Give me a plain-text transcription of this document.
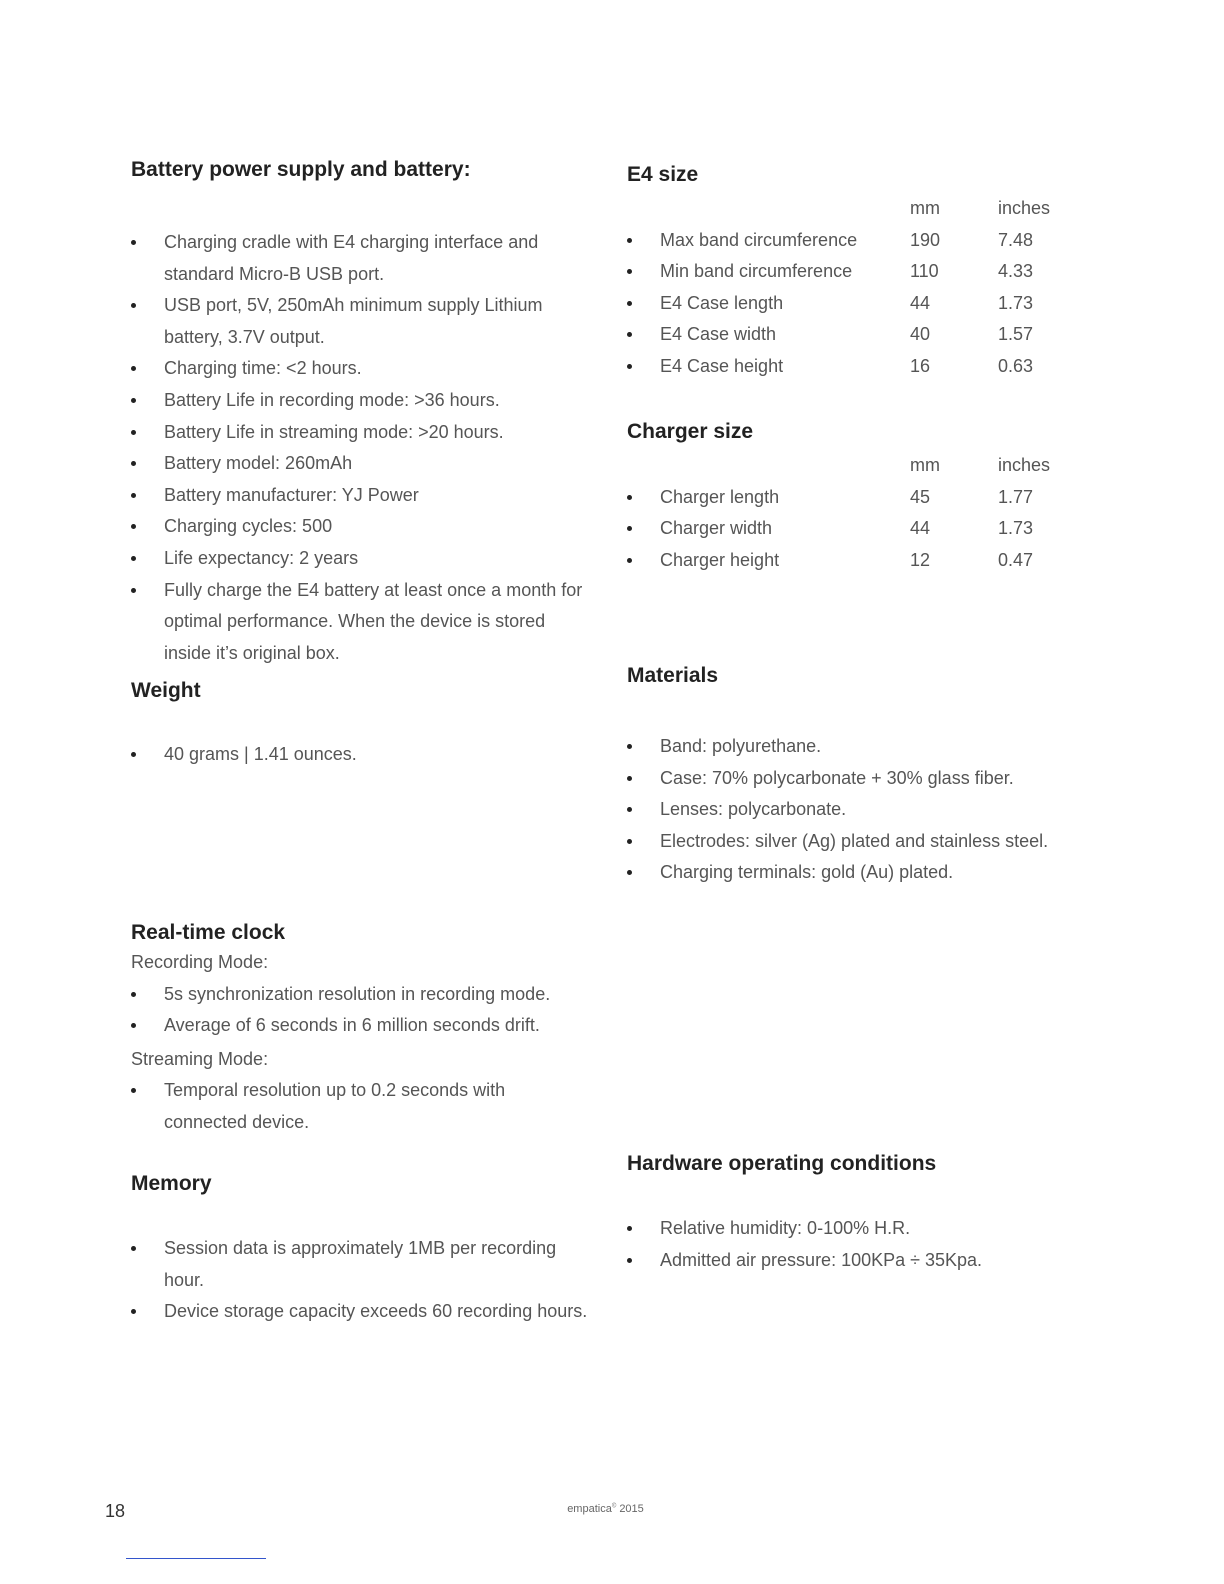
Battery power supply and battery:
Charging cradle with E4 charging interface and standard Micro-B USB port.
USB port, 5V, 250mAh minimum supply Lithium battery, 3.7V output.
Charging time: <2 hours.
Battery Life in recording mode: >36 hours.
Battery Life in streaming mode: >20 hours.
Battery model: 260mAh
Battery manufacturer: YJ Power
Charging cycles: 500
Life expectancy: 2 years
Fully charge the E4 battery at least once a month for optimal performance. When the device is stored inside it’s original box.
Weight
40 grams | 1.41 ounces.
Real-time clock
Recording Mode:
5s synchronization resolution in recording mode.
Average of 6 seconds in 6 million seconds drift.
Streaming Mode:
Temporal resolution up to 0.2 seconds with connected device.
Memory
Session data is approximately 1MB per recording hour.
Device storage capacity exceeds 60 recording hours.
E4 size
mm	inches
Max band circumference	190	7.48
Min band circumference	110	4.33
E4 Case length	44	1.73
E4 Case width	40	1.57
E4 Case height	16	0.63
Charger size
mm	inches
Charger length	45	1.77
Charger width	44	1.73
Charger height	12	0.47
Materials
Band: polyurethane.
Case: 70% polycarbonate + 30% glass fiber.
Lenses: polycarbonate.
Electrodes: silver (Ag) plated and stainless steel.
Charging terminals: gold (Au) plated.
Hardware operating conditions
Relative humidity: 0-100% H.R.
Admitted air pressure: 100KPa ÷ 35Kpa.
18	empatica© 2015
